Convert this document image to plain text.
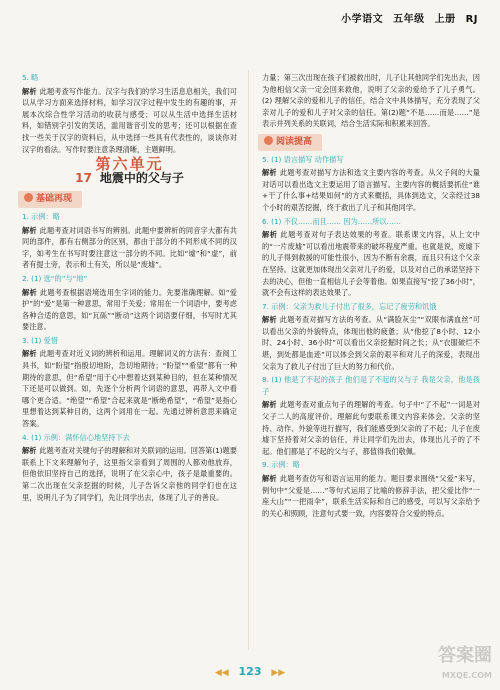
小学语文 五年级 上册 RJ

5. 略

解析 此题考查写作能力。汉字与我们的学习生活息息相关，我们可以从学习方面来选择材料，如学习汉字过程中发生的有趣的事，开展本次综合性学习活动的收获与感受；可以从生活中选择生活材料，如错别字引发的笑话，滥用谐音引发的思考；还可以根据在查找一些关于汉字的资料后，从中选择一些具有代表性的，谈谈你对汉字的看法。写作时要注意条理清晰，主题鲜明。

第六单元
17 地震中的父与子
基础再现

1. 示例：略

解析 此题考查对词语书写的辨别。此题中要辨析的同音字大都有共同的部件，都有右侧部分的区别，都由于部分的不同形成不同的汉字，如考生在书写时要注意这一部分的不同。比如“墟”和“虚”，前者有提土旁，表示和土有关，所以是“废墟”。

2. (1) 选“的”与“地”

解析 此题考查根据语境选用生字词的能力。先要准确理解。如“爱护”的“爱”是第一种意思，常用于关爱；常用在一个词语中，要考虑各种合适的意思，如“瓦砾”“断动”这两个词语要仔细，书写时尤其要注意。

3. (1) 爱惜

解析 此题考查对近义词的辨析和运用。理解词义的方法有：查阅工具书，如“盼望”指殷切地盼，急切地期待；“盼望”“希望”都有一种期待的意思，但“希望”用于心中想着达到某种目的，但在某种情况下还是可以做到。如，先逐个分析两个词语的意思，再带入文中看哪个更合适。“绝望”“希望”合起来就是“断绝希望”，“希望”是指心里想着达到某种目的，这两个词用在一起。先通过辨析意思来确定答案。

4. (1) 示例：满怀信心地坚持下去

解析 此题考查对关键句子的理解和对关联词的运用。回答第(1)题要联系上下文来理解句子，这里指父亲看到了周围的人都劝他放弃，但他依旧坚持自己的选择，说明了在父亲心中，孩子是最重要的。第二次出现在父亲挖掘的时候，儿子告诉父亲他的同学们也在这里，说明儿子为了同学们，先让同学出去，体现了儿子的善良。

力量；第三次出现在孩子们被救出时，儿子让其他同学们先出去，因为他相信父亲一定会回来救他，说明了父亲的爱给予了儿子勇气。(2) 理解父亲的爱和儿子的信任，结合文中具体描写，充分表现了父亲对儿子的爱和儿子对父亲的信任。第(2)题“不是……而是……”是表示并列关系的关联词，结合生活实际和积累来回答。

阅读提高

5. (1) 语言描写 动作描写

解析 此题考查对描写方法和选文主要内容的考查。从父子间的大量对话可以看出选文主要运用了语言描写。主要内容的概括要抓住“谁+干了什么事+结果如何”的方式来概括，具体到选文，父亲经过38个小时的艰苦挖掘，终于救出了儿子和其他同学。

6. (1) 不仅……而且…… 因为……所以……

解析 此题考查对句子表达效果的考查。联系课文内容，从上文中的“一片废墟”可以看出地震带来的破坏程度严重。也就是说，废墟下的儿子得到救援的可能性很小，因为不断有余震，而且只有这个父亲在坚持。这就更加体现出父亲对儿子的爱，以及对自己的承诺坚持下去的决心，但他一直相信儿子会等着他。如果直接写“挖了36小时”，就不会有这样的表达效果了。

7. 示例：父亲为救儿子付出了很多，忘记了疲劳和饥饿

解析 此题考查对描写方法的考查。从“满脸灰尘”“双眼布满血丝”可以看出父亲的外貌特点，体现出他的疲惫；从“他挖了8小时、12小时、24小时、36小时”可以看出父亲挖掘时间之长；从“衣服破烂不堪，到处都是血迹”可以体会到父亲的艰辛和对儿子的深爱，表现出父亲为了救儿子付出了巨大的努力和代价。

8. (1) 他是了不起的孩子 他们是了不起的父与子 我是父亲，他是孩子

解析 此题考查对重点句子的理解的考查。句子中“了不起”一词是对父子二人的高度评价。理解此句要联系课文内容来体会。父亲的坚持、动作、外貌等进行描写，我们能感受到父亲的了不起；儿子在废墟下坚持着对父亲的信任，并让同学们先出去，体现出儿子的了不起。他们都是了不起的父与子，都值得我们敬佩。

9. 示例：略

解析 此题考查仿写和语言运用的能力。题目要求围绕“父爱”来写，例句中“父爱是……”等句式运用了比喻的修辞手法，把父爱比作“一座大山”“一把雨伞”，联系生活实际和自己的感受，可以写父亲给予的关心和照顾，注意句式要一致，内容要符合父爱的特点。

◀◀ 123 ▶▶
答案圈
MXQE.COM
